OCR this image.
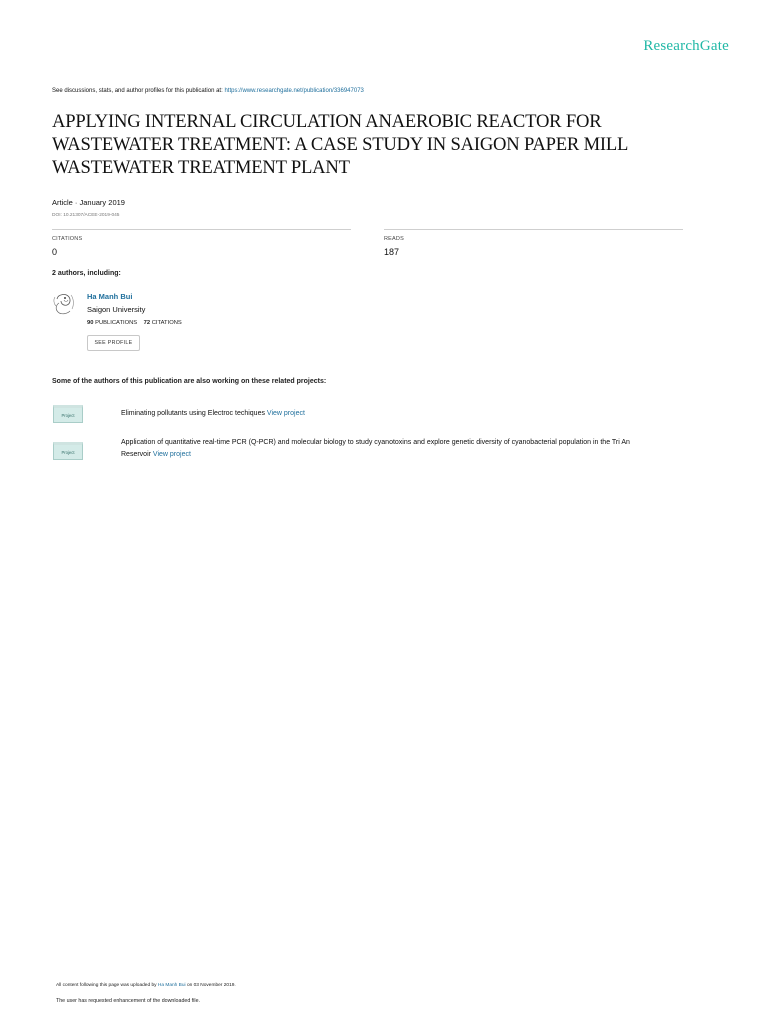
ResearchGate
See discussions, stats, and author profiles for this publication at: https://www.researchgate.net/publication/336947073
APPLYING INTERNAL CIRCULATION ANAEROBIC REACTOR FOR WASTEWATER TREATMENT: A CASE STUDY IN SAIGON PAPER MILL WASTEWATER TREATMENT PLANT
Article · January 2019
DOI: 10.21307/ACEE-2019-045
CITATIONS
0
READS
187
2 authors, including:
Ha Manh Bui
Saigon University
90 PUBLICATIONS 72 CITATIONS
SEE PROFILE
Some of the authors of this publication are also working on these related projects:
Project	Eliminating pollutants using Electroc techiques View project
Project
Application of quantitative real-time PCR (Q-PCR) and molecular biology to study cyanotoxins and explore genetic diversity of cyanobacterial population in the Tri An
Reservoir View project
All content following this page was uploaded by Ha Manh Bui on 03 November 2019.
The user has requested enhancement of the downloaded file.
